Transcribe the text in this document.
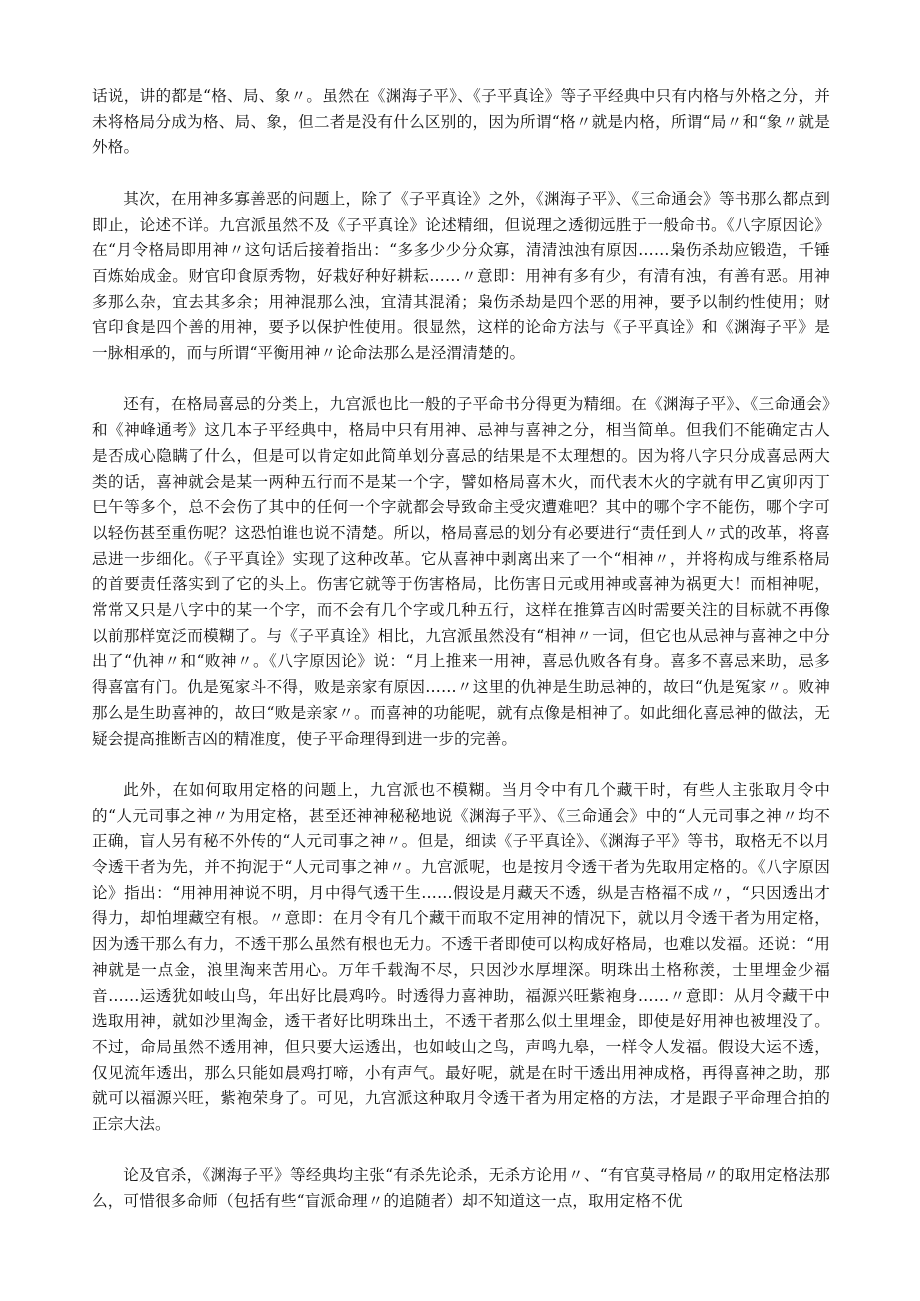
话说，讲的都是“格、局、象〃。虽然在《渊海子平》、《子平真诠》等子平经典中只有内格与外格之分，并未将格局分成为格、局、象，但二者是没有什么区别的，因为所谓“格〃就是内格，所谓“局〃和“象〃就是外格。

其次，在用神多寡善恶的问题上，除了《子平真诠》之外，《渊海子平》、《三命通会》等书那么都点到即止，论述不详。九宫派虽然不及《子平真诠》论述精细，但说理之透彻远胜于一般命书。《八字原因论》在“月令格局即用神〃这句话后接着指出：“多多少少分众寡，清清浊浊有原因……枭伤杀劫应锻造，千锤百炼始成金。财官印食原秀物，好栽好种好耕耘……〃意即：用神有多有少，有清有浊，有善有恶。用神多那么杂，宜去其多余；用神混那么浊，宜清其混淆；枭伤杀劫是四个恶的用神，要予以制约性使用；财官印食是四个善的用神，要予以保护性使用。很显然，这样的论命方法与《子平真诠》和《渊海子平》是一脉相承的，而与所谓“平衡用神〃论命法那么是泾渭清楚的。

还有，在格局喜忌的分类上，九宫派也比一般的子平命书分得更为精细。在《渊海子平》、《三命通会》和《神峰通考》这几本子平经典中，格局中只有用神、忌神与喜神之分，相当简单。但我们不能确定古人是否成心隐瞒了什么，但是可以肯定如此简单划分喜忌的结果是不太理想的。因为将八字只分成喜忌两大类的话，喜神就会是某一两种五行而不是某一个字，譬如格局喜木火，而代表木火的字就有甲乙寅卯丙丁巳午等多个，总不会伤了其中的任何一个字就都会导致命主受灾遭难吧？其中的哪个字不能伤，哪个字可以轻伤甚至重伤呢？这恐怕谁也说不清楚。所以，格局喜忌的划分有必要进行“责任到人〃式的改革，将喜忌进一步细化。《子平真诠》实现了这种改革。它从喜神中剥离出来了一个“相神〃，并将构成与维系格局的首要责任落实到了它的头上。伤害它就等于伤害格局，比伤害日元或用神或喜神为祸更大！而相神呢，常常又只是八字中的某一个字，而不会有几个字或几种五行，这样在推算吉凶时需要关注的目标就不再像以前那样宽泛而模糊了。与《子平真诠》相比，九宫派虽然没有“相神〃一词，但它也从忌神与喜神之中分出了“仇神〃和“败神〃。《八字原因论》说：“月上推来一用神，喜忌仇败各有身。喜多不喜忌来助，忌多得喜富有门。仇是冤家斗不得，败是亲家有原因……〃这里的仇神是生助忌神的，故曰“仇是冤家〃。败神那么是生助喜神的，故曰“败是亲家〃。而喜神的功能呢，就有点像是相神了。如此细化喜忌神的做法，无疑会提高推断吉凶的精准度，使子平命理得到进一步的完善。

此外，在如何取用定格的问题上，九宫派也不模糊。当月令中有几个藏干时，有些人主张取月令中的“人元司事之神〃为用定格，甚至还神神秘秘地说《渊海子平》、《三命通会》中的“人元司事之神〃均不正确，盲人另有秘不外传的“人元司事之神〃。但是，细读《子平真诠》、《渊海子平》等书，取格无不以月令透干者为先，并不拘泥于“人元司事之神〃。九宫派呢，也是按月令透干者为先取用定格的。《八字原因论》指出：“用神用神说不明，月中得气透干生……假设是月藏天不透，纵是吉格福不成〃，“只因透出才得力，却怕埋藏空有根。〃意即：在月令有几个藏干而取不定用神的情况下，就以月令透干者为用定格，因为透干那么有力，不透干那么虽然有根也无力。不透干者即使可以构成好格局，也难以发福。还说：“用神就是一点金，浪里淘来苦用心。万年千载淘不尽，只因沙水厚埋深。明珠出土格称羡，士里埋金少福音……运透犹如岐山鸟，年出好比晨鸡吟。时透得力喜神助，福源兴旺紫袍身……〃意即：从月令藏干中选取用神，就如沙里淘金，透干者好比明珠出土，不透干者那么似土里埋金，即使是好用神也被埋没了。不过，命局虽然不透用神，但只要大运透出，也如岐山之鸟，声鸣九皋，一样令人发福。假设大运不透，仅见流年透出，那么只能如晨鸡打啼，小有声气。最好呢，就是在时干透出用神成格，再得喜神之助，那就可以福源兴旺，紫袍荣身了。可见，九宫派这种取月令透干者为用定格的方法，才是跟子平命理合拍的正宗大法。

论及官杀，《渊海子平》等经典均主张“有杀先论杀，无杀方论用〃、“有官莫寻格局〃的取用定格法那么，可惜很多命师（包括有些“盲派命理〃的追随者）却不知道这一点，取用定格不优
